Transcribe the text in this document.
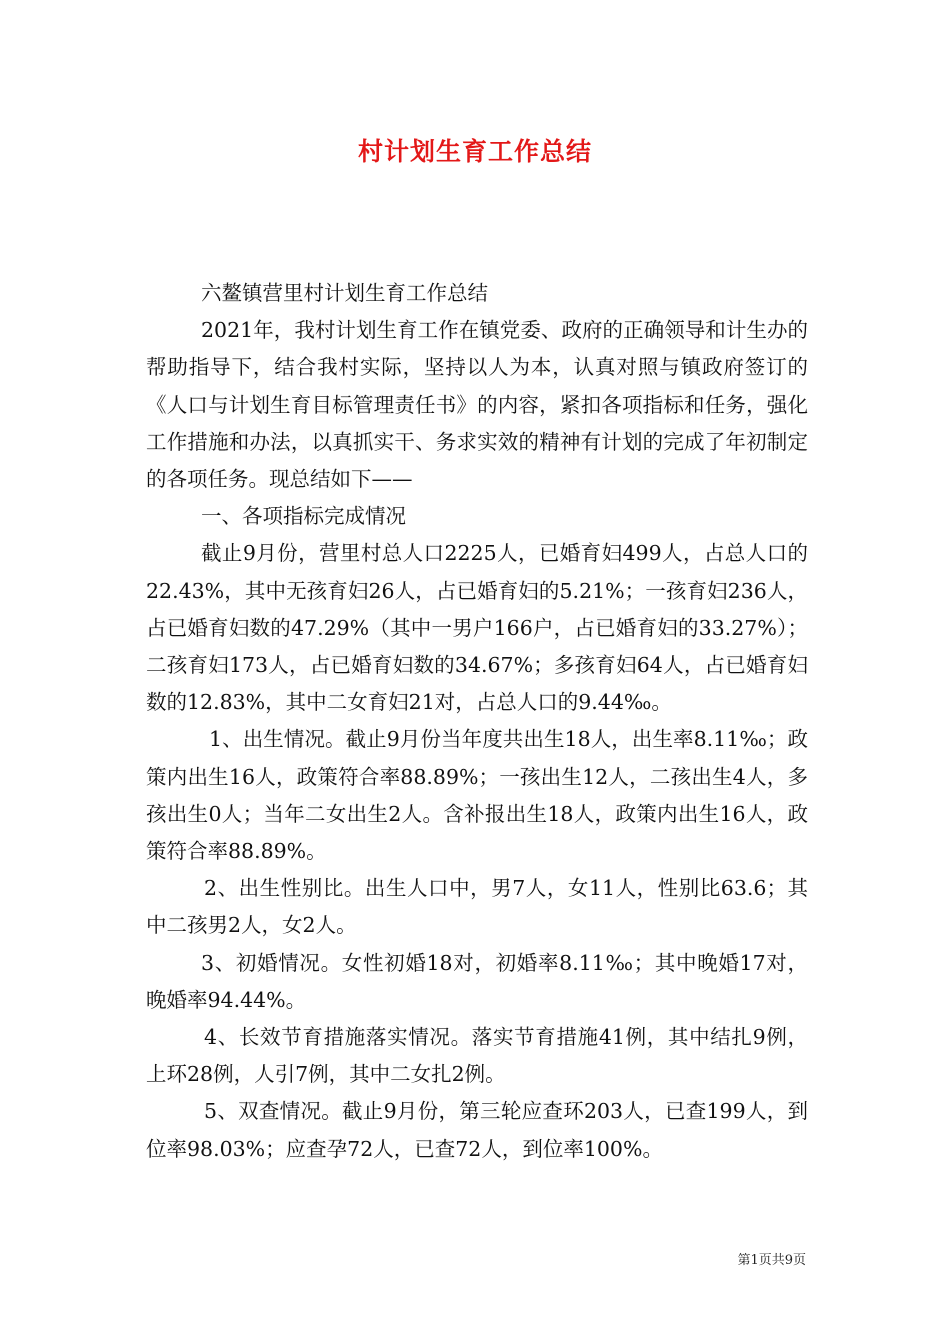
村计划生育工作总结

六鳌镇营里村计划生育工作总结

2021年，我村计划生育工作在镇党委、政府的正确领导和计生办的帮助指导下，结合我村实际，坚持以人为本，认真对照与镇政府签订的《人口与计划生育目标管理责任书》的内容，紧扣各项指标和任务，强化工作措施和办法，以真抓实干、务求实效的精神有计划的完成了年初制定的各项任务。现总结如下——

一、各项指标完成情况

截止9月份，营里村总人口2225人，已婚育妇499人，占总人口的22.43%，其中无孩育妇26人，占已婚育妇的5.21%；一孩育妇236人，占已婚育妇数的47.29%（其中一男户166户，占已婚育妇的33.27%）；二孩育妇173人，占已婚育妇数的34.67%；多孩育妇64人，占已婚育妇数的12.83%，其中二女育妇21对，占总人口的9.44‰。

1、出生情况。截止9月份当年度共出生18人，出生率8.11‰；政策内出生16人，政策符合率88.89%；一孩出生12人，二孩出生4人，多孩出生0人；当年二女出生2人。含补报出生18人，政策内出生16人，政策符合率88.89%。

2、出生性别比。出生人口中，男7人，女11人，性别比63.6；其中二孩男2人，女2人。

3、初婚情况。女性初婚18对，初婚率8.11‰；其中晚婚17对，晚婚率94.44%。

4、长效节育措施落实情况。落实节育措施41例，其中结扎9例，上环28例，人引7例，其中二女扎2例。

5、双查情况。截止9月份，第三轮应查环203人，已查199人，到位率98.03%；应查孕72人，已查72人，到位率100%。

第1页共9页
